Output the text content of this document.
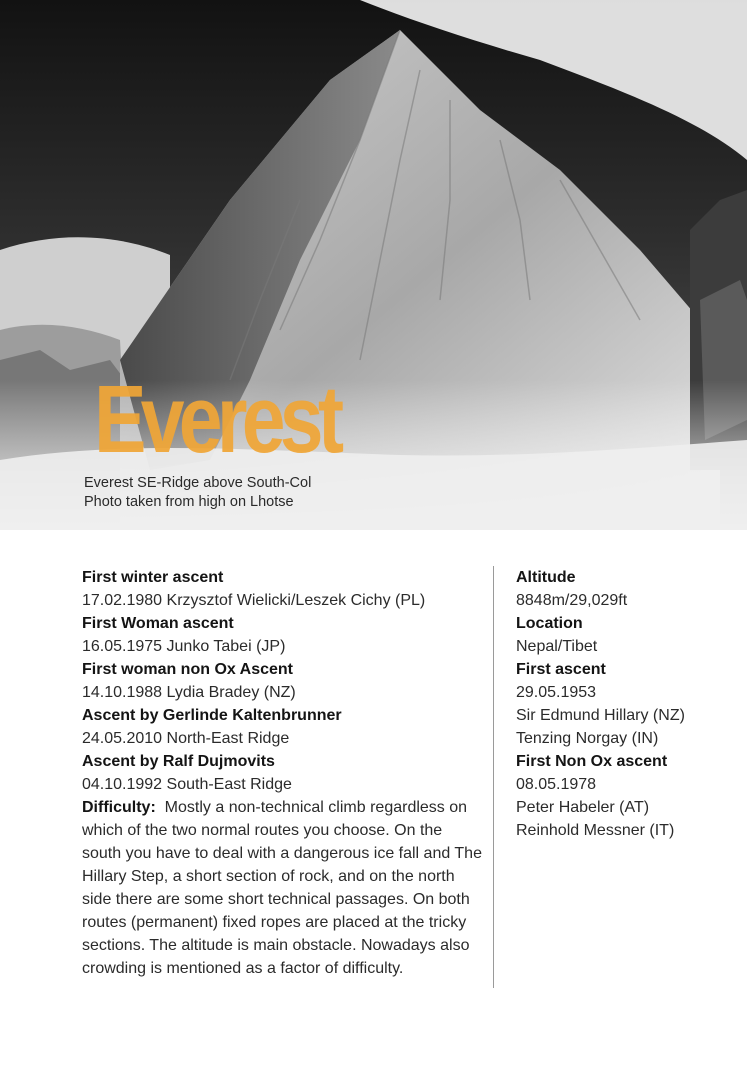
Everest
Everest SE-Ridge above South-Col
Photo taken from high on Lhotse
First winter ascent
17.02.1980 Krzysztof Wielicki/Leszek Cichy (PL)
First Woman ascent
16.05.1975 Junko Tabei (JP)
First woman non Ox Ascent
14.10.1988 Lydia Bradey (NZ)
Ascent by Gerlinde Kaltenbrunner
24.05.2010 North-East Ridge
Ascent by Ralf Dujmovits
04.10.1992 South-East Ridge
Difficulty: Mostly a non-technical climb regardless on which of the two normal routes you choose. On the south you have to deal with a dangerous ice fall and The Hillary Step, a short section of rock, and on the north side there are some short technical passages. On both routes (permanent) fixed ropes are placed at the tricky sections. The altitude is main obstacle. Nowadays also crowding is mentioned as a factor of difficulty.
Altitude
8848m/29,029ft
Location
Nepal/Tibet
First ascent
29.05.1953
Sir Edmund Hillary (NZ)
Tenzing Norgay (IN)
First Non Ox ascent
08.05.1978
Peter Habeler (AT)
Reinhold Messner (IT)
